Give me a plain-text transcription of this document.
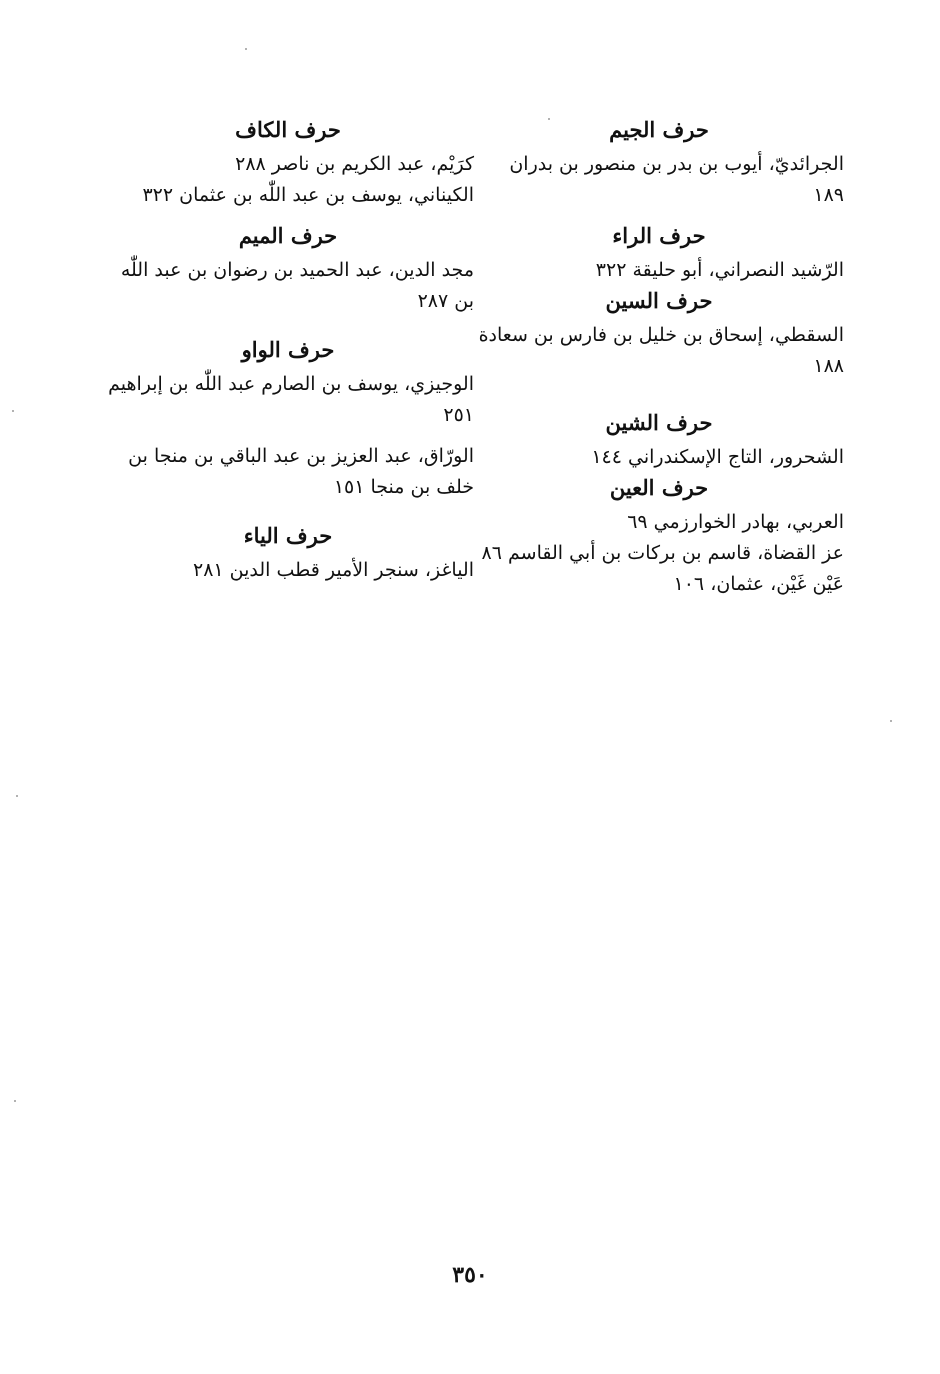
حرف الجيم

الجرائديّ، أيوب بن بدر بن منصور بن بدران ١٨٩

حرف الراء

الرّشيد النصراني، أبو حليقة ٣٢٢

حرف السين

السقطي، إسحاق بن خليل بن فارس بن سعادة ١٨٨

حرف الشين

الشحرور، التاج الإسكندراني ١٤٤

حرف العين

العربي، بهادر الخوارزمي ٦٩

عز القضاة، قاسم بن بركات بن أبي القاسم ٨٦

عَيْن غَيْن، عثمان، ١٠٦

حرف الكاف

كرَيْم، عبد الكريم بن ناصر ٢٨٨

الكيناني، يوسف بن عبد اللّٰه بن عثمان ٣٢٢

حرف الميم

مجد الدين، عبد الحميد بن رضوان بن عبد اللّٰه بن ٢٨٧

حرف الواو

الوجيزي، يوسف بن الصارم عبد اللّٰه بن إبراهيم ٢٥١

الورّاق، عبد العزيز بن عبد الباقي بن منجا بن خلف بن منجا ١٥١

حرف الياء

الياغز، سنجر الأمير قطب الدين ٢٨١

٣٥٠
